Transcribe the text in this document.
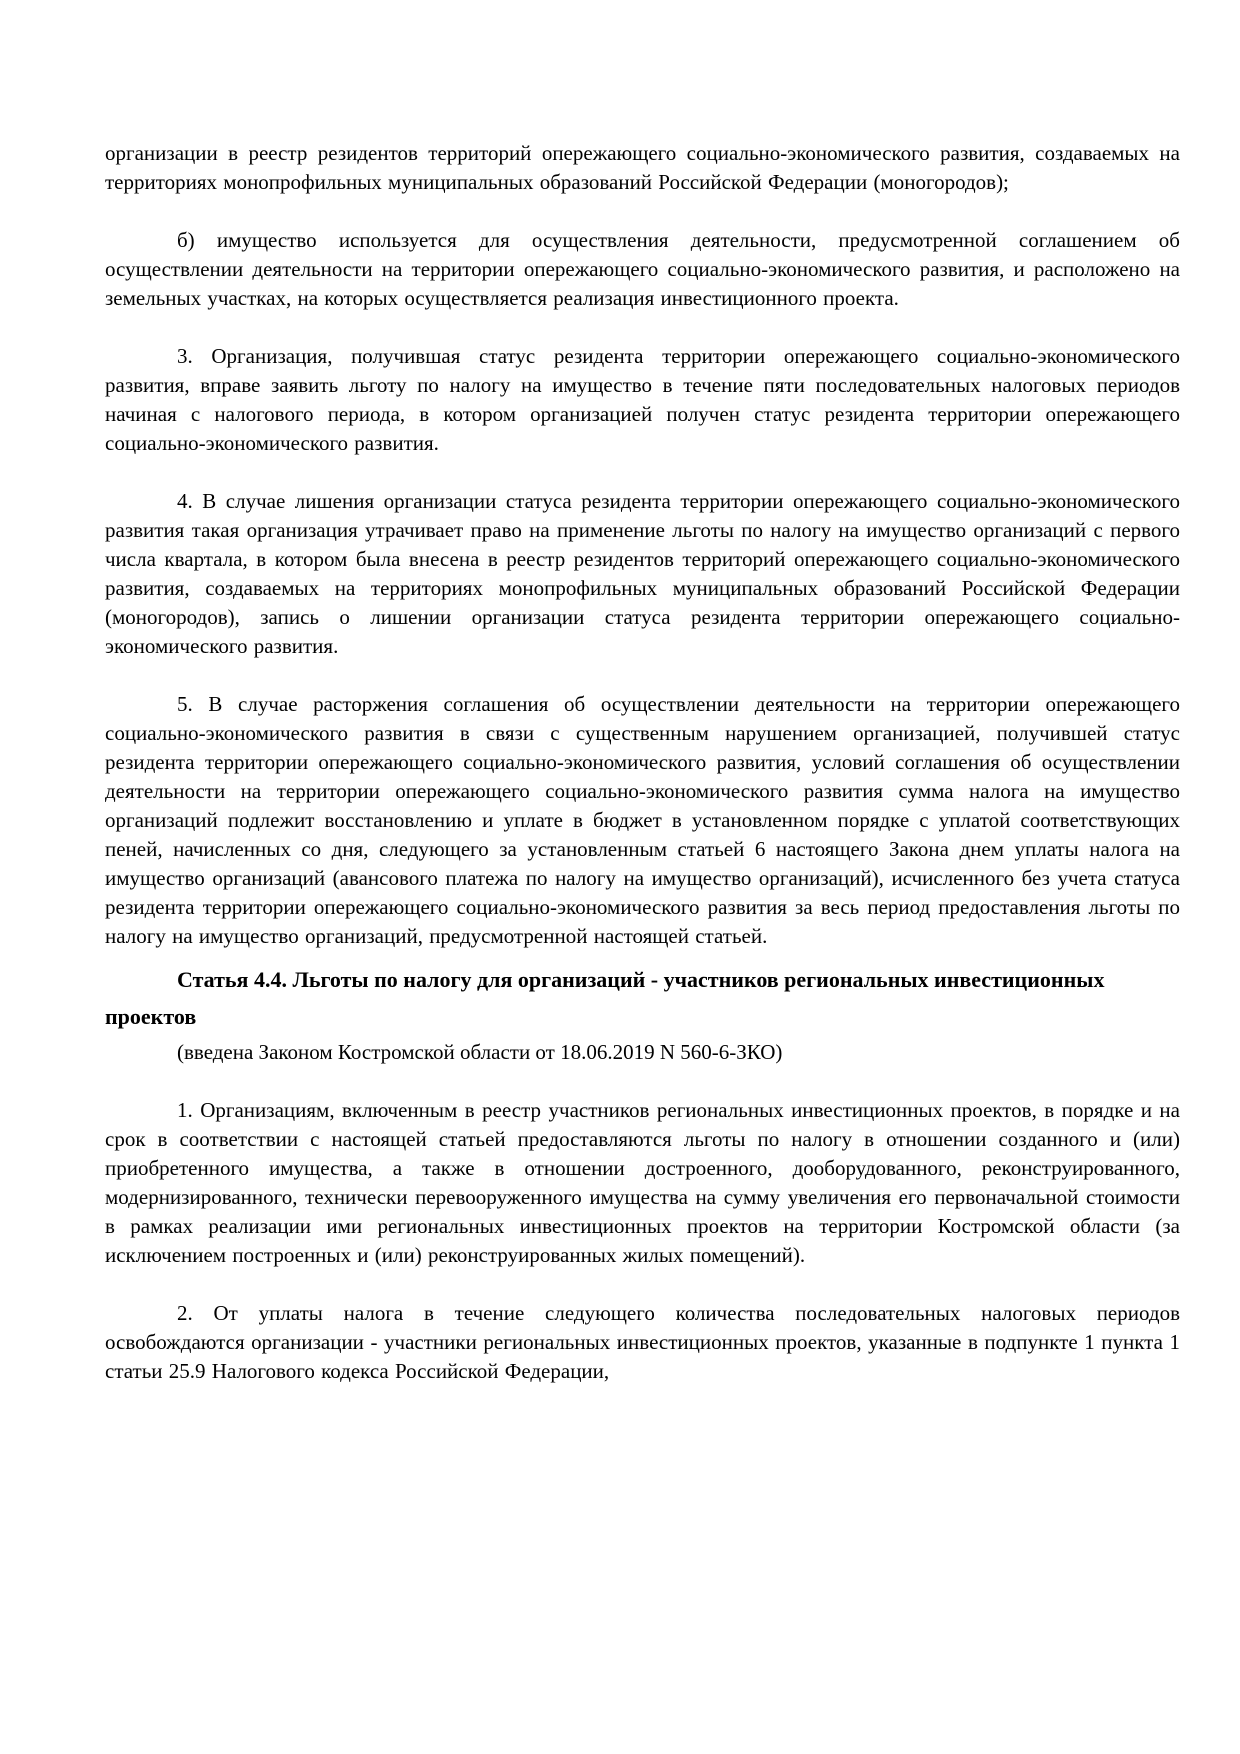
организации в реестр резидентов территорий опережающего социально-экономического развития, создаваемых на территориях монопрофильных муниципальных образований Российской Федерации (моногородов);

б) имущество используется для осуществления деятельности, предусмотренной соглашением об осуществлении деятельности на территории опережающего социально-экономического развития, и расположено на земельных участках, на которых осуществляется реализация инвестиционного проекта.

3. Организация, получившая статус резидента территории опережающего социально-экономического развития, вправе заявить льготу по налогу на имущество в течение пяти последовательных налоговых периодов начиная с налогового периода, в котором организацией получен статус резидента территории опережающего социально-экономического развития.

4. В случае лишения организации статуса резидента территории опережающего социально-экономического развития такая организация утрачивает право на применение льготы по налогу на имущество организаций с первого числа квартала, в котором была внесена в реестр резидентов территорий опережающего социально-экономического развития, создаваемых на территориях монопрофильных муниципальных образований Российской Федерации (моногородов), запись о лишении организации статуса резидента территории опережающего социально-экономического развития.

5. В случае расторжения соглашения об осуществлении деятельности на территории опережающего социально-экономического развития в связи с существенным нарушением организацией, получившей статус резидента территории опережающего социально-экономического развития, условий соглашения об осуществлении деятельности на территории опережающего социально-экономического развития сумма налога на имущество организаций подлежит восстановлению и уплате в бюджет в установленном порядке с уплатой соответствующих пеней, начисленных со дня, следующего за установленным статьей 6 настоящего Закона днем уплаты налога на имущество организаций (авансового платежа по налогу на имущество организаций), исчисленного без учета статуса резидента территории опережающего социально-экономического развития за весь период предоставления льготы по налогу на имущество организаций, предусмотренной настоящей статьей.

Статья 4.4. Льготы по налогу для организаций - участников региональных инвестиционных проектов

(введена Законом Костромской области от 18.06.2019 N 560-6-ЗКО)

1. Организациям, включенным в реестр участников региональных инвестиционных проектов, в порядке и на срок в соответствии с настоящей статьей предоставляются льготы по налогу в отношении созданного и (или) приобретенного имущества, а также в отношении достроенного, дооборудованного, реконструированного, модернизированного, технически перевооруженного имущества на сумму увеличения его первоначальной стоимости в рамках реализации ими региональных инвестиционных проектов на территории Костромской области (за исключением построенных и (или) реконструированных жилых помещений).

2. От уплаты налога в течение следующего количества последовательных налоговых периодов освобождаются организации - участники региональных инвестиционных проектов, указанные в подпункте 1 пункта 1 статьи 25.9 Налогового кодекса Российской Федерации,
